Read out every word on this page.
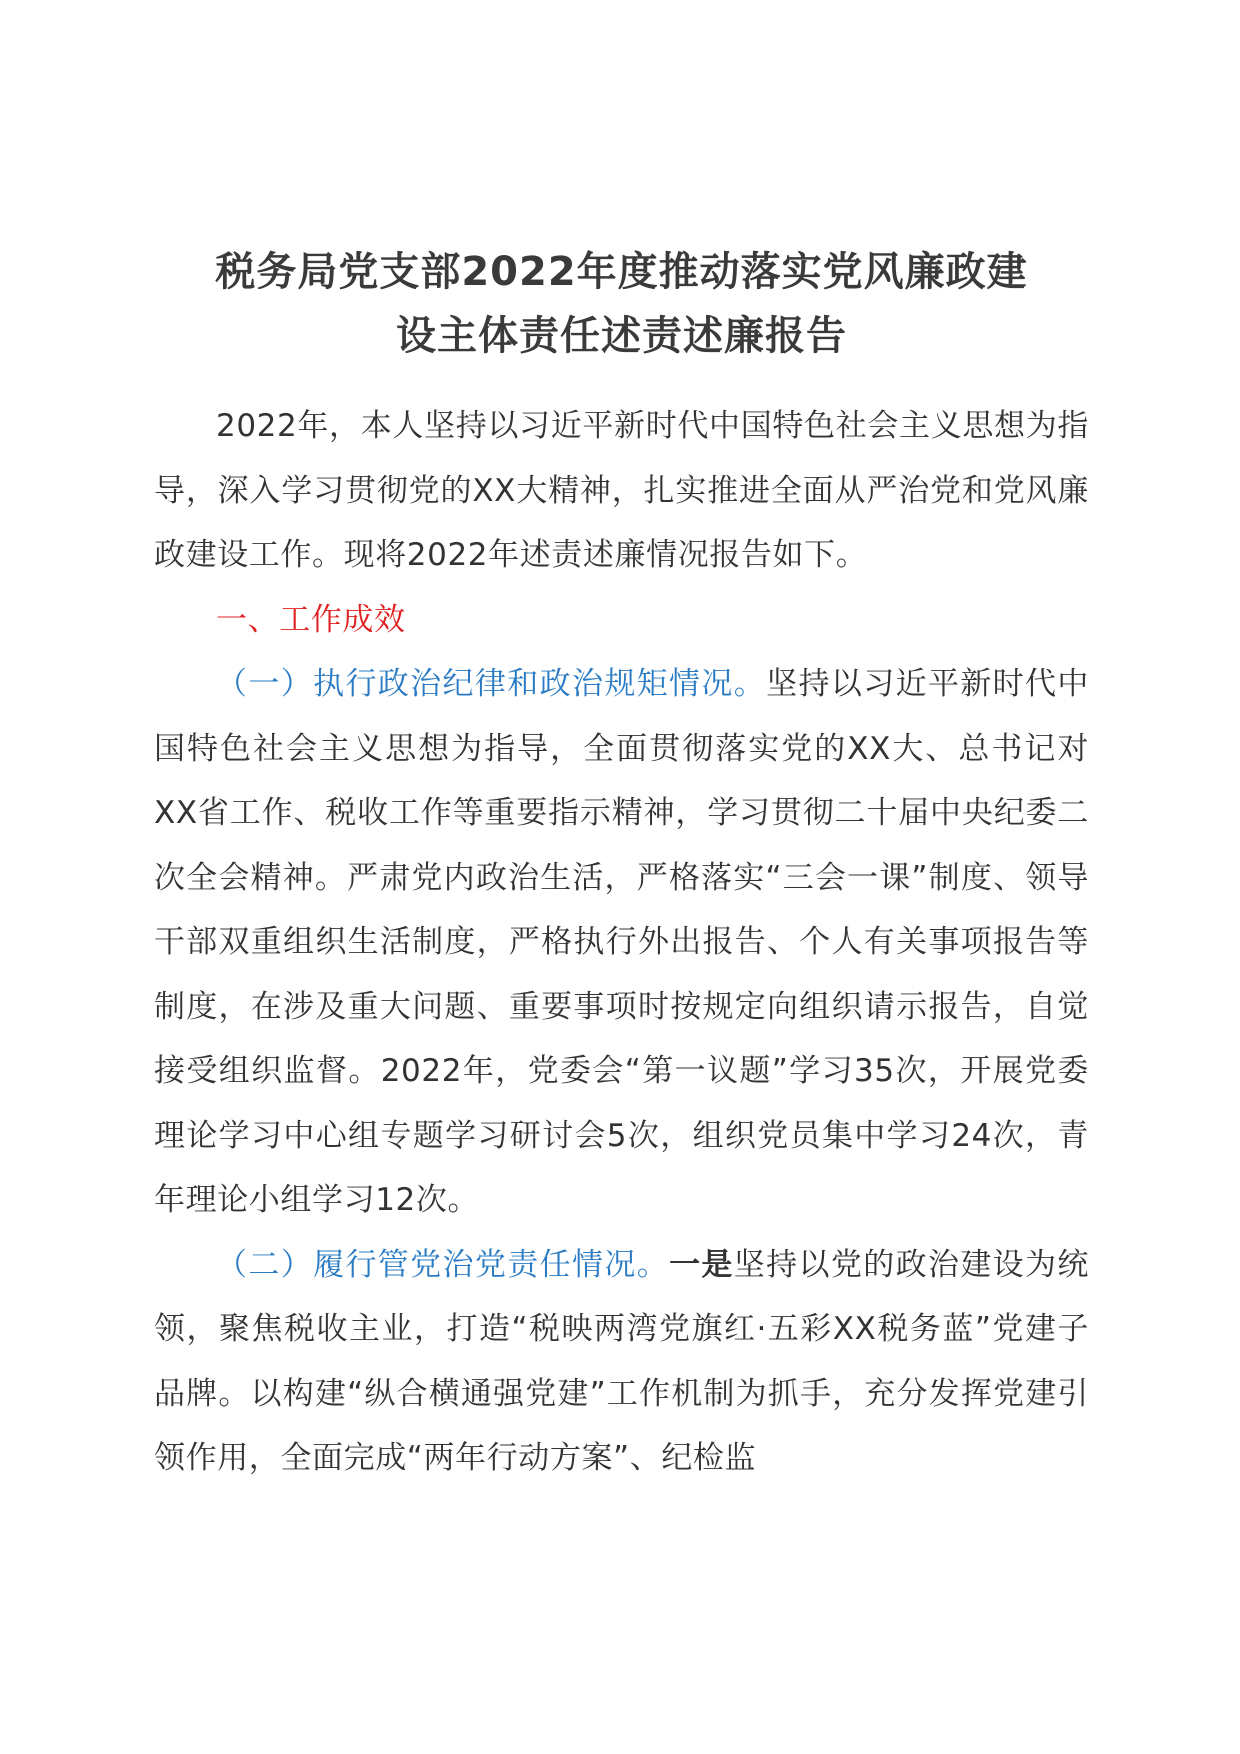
税务局党支部2022年度推动落实党风廉政建
设主体责任述责述廉报告

2022年，本人坚持以习近平新时代中国特色社会主义思想为指导，深入学习贯彻党的XX大精神，扎实推进全面从严治党和党风廉政建设工作。现将2022年述责述廉情况报告如下。

一、工作成效

（一）执行政治纪律和政治规矩情况。坚持以习近平新时代中国特色社会主义思想为指导，全面贯彻落实党的XX大、总书记对XX省工作、税收工作等重要指示精神，学习贯彻二十届中央纪委二次全会精神。严肃党内政治生活，严格落实“三会一课”制度、领导干部双重组织生活制度，严格执行外出报告、个人有关事项报告等制度，在涉及重大问题、重要事项时按规定向组织请示报告，自觉接受组织监督。2022年，党委会“第一议题”学习35次，开展党委理论学习中心组专题学习研讨会5次，组织党员集中学习24次，青年理论小组学习12次。

（二）履行管党治党责任情况。一是坚持以党的政治建设为统领，聚焦税收主业，打造“税映两湾党旗红·五彩XX税务蓝”党建子品牌。以构建“纵合横通强党建”工作机制为抓手，充分发挥党建引领作用，全面完成“两年行动方案”、纪检监
